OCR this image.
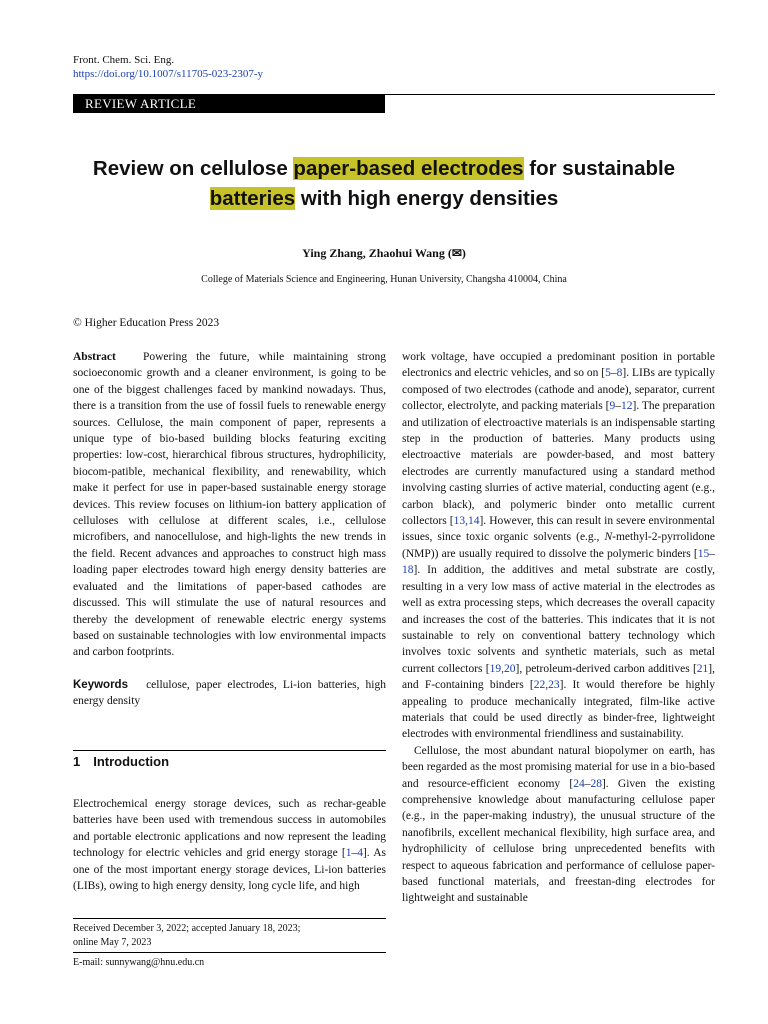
Front. Chem. Sci. Eng.
https://doi.org/10.1007/s11705-023-2307-y
REVIEW ARTICLE
Review on cellulose paper-based electrodes for sustainable
batteries with high energy densities
Ying Zhang, Zhaohui Wang (✉)
College of Materials Science and Engineering, Hunan University, Changsha 410004, China
© Higher Education Press 2023

Abstract Powering the future, while maintaining strong socioeconomic growth and a cleaner environment, is going to be one of the biggest challenges faced by mankind nowadays. Thus, there is a transition from the use of fossil fuels to renewable energy sources. Cellulose, the main component of paper, represents a unique type of bio-based building blocks featuring exciting properties: low-cost, hierarchical fibrous structures, hydrophilicity, biocom-patible, mechanical flexibility, and renewability, which make it perfect for use in paper-based sustainable energy storage devices. This review focuses on lithium-ion battery application of celluloses with cellulose at different scales, i.e., cellulose microfibers, and nanocellulose, and high-lights the new trends in the field. Recent advances and approaches to construct high mass loading paper electrodes toward high energy density batteries are evaluated and the limitations of paper-based cathodes are discussed. This will stimulate the use of natural resources and thereby the development of renewable electric energy systems based on sustainable technologies with low environmental impacts and carbon footprints.

Keywords cellulose, paper electrodes, Li-ion batteries, high energy density

1 Introduction

Electrochemical energy storage devices, such as rechar-geable batteries have been used with tremendous success in automobiles and portable electronic applications and now represent the leading technology for electric vehicles and grid energy storage [1–4]. As one of the most important energy storage devices, Li-ion batteries (LIBs), owing to high energy density, long cycle life, and high

Received December 3, 2022; accepted January 18, 2023;
online May 7, 2023
E-mail: sunnywang@hnu.edu.cn

work voltage, have occupied a predominant position in portable electronics and electric vehicles, and so on [5–8]. LIBs are typically composed of two electrodes (cathode and anode), separator, current collector, electrolyte, and packing materials [9–12]. The preparation and utilization of electroactive materials is an indispensable starting step in the production of batteries. Many products using electroactive materials are powder-based, and most battery electrodes are currently manufactured using a standard method involving casting slurries of active material, conducting agent (e.g., carbon black), and polymeric binder onto metallic current collectors [13,14]. However, this can result in severe environmental issues, since toxic organic solvents (e.g., N-methyl-2-pyrrolidone (NMP)) are usually required to dissolve the polymeric binders [15–18]. In addition, the additives and metal substrate are costly, resulting in a very low mass of active material in the electrodes as well as extra processing steps, which decreases the overall capacity and increases the cost of the batteries. This indicates that it is not sustainable to rely on conventional battery technology which involves toxic solvents and synthetic materials, such as metal current collectors [19,20], petroleum-derived carbon additives [21], and F-containing binders [22,23]. It would therefore be highly appealing to produce mechanically integrated, film-like active materials that could be used directly as binder-free, lightweight electrodes with environmental friendliness and sustainability.

Cellulose, the most abundant natural biopolymer on earth, has been regarded as the most promising material for use in a bio-based and resource-efficient economy [24–28]. Given the existing comprehensive knowledge about manufacturing cellulose paper (e.g., in the paper-making industry), the unusual structure of the nanofibrils, excellent mechanical flexibility, high surface area, and hydrophilicity of cellulose bring unprecedented benefits with respect to aqueous fabrication and performance of cellulose paper-based functional materials, and freestan-ding electrodes for lightweight and sustainable
